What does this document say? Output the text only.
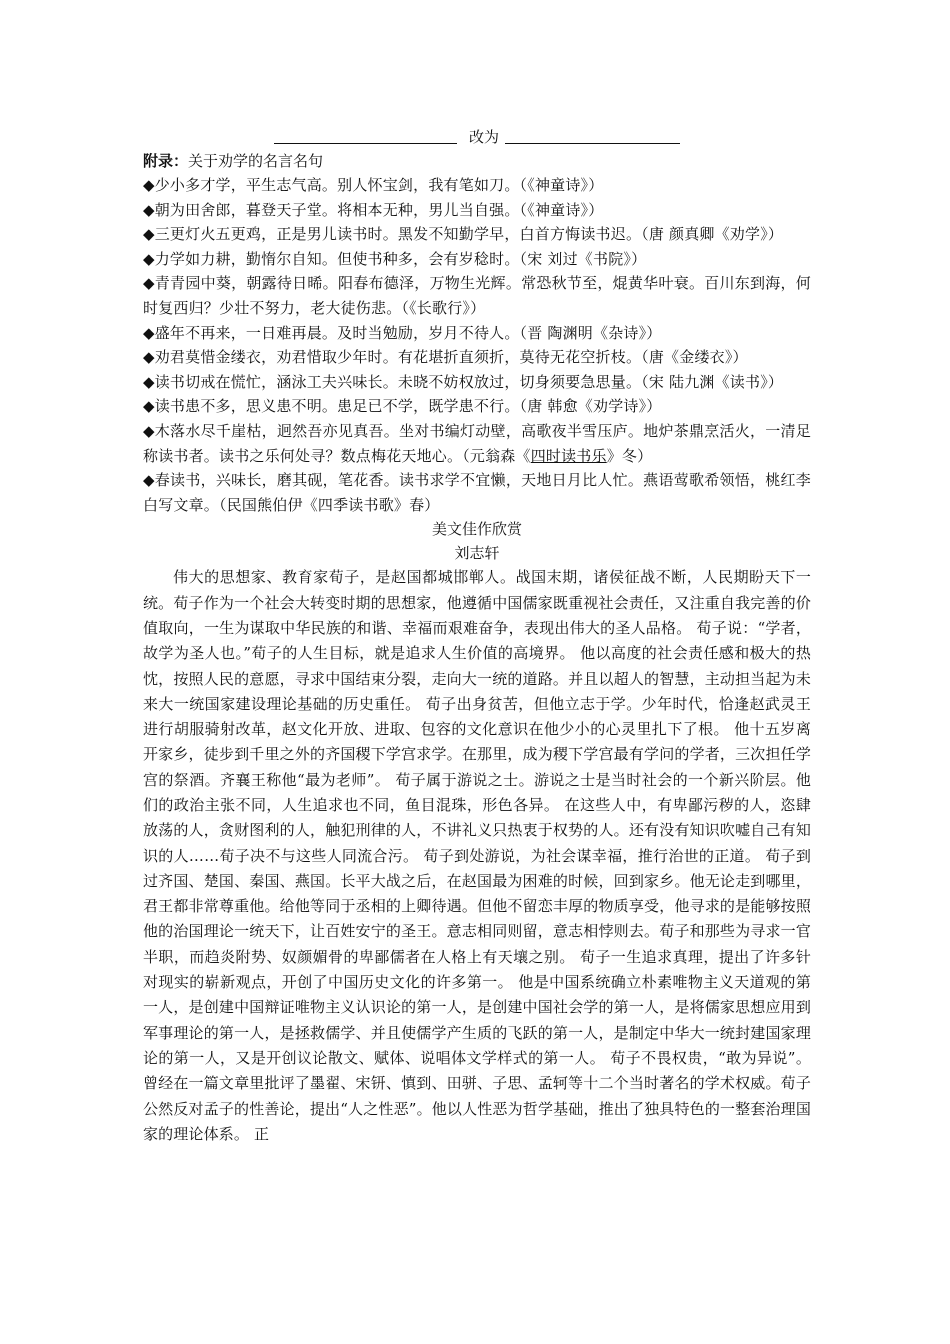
改为
附录：关于劝学的名言名句
◆少小多才学，平生志气高。别人怀宝剑，我有笔如刀。（《神童诗》）
◆朝为田舍郎，暮登天子堂。将相本无种，男儿当自强。（《神童诗》）
◆三更灯火五更鸡，正是男儿读书时。黑发不知勤学早，白首方悔读书迟。（唐 颜真卿《劝学》）
◆力学如力耕，勤惰尔自知。但使书种多，会有岁稔时。（宋 刘过《书院》）
◆青青园中葵，朝露待日晞。阳春布德泽，万物生光辉。常恐秋节至，焜黄华叶衰。百川东到海，何时复西归？少壮不努力，老大徒伤悲。（《长歌行》）
◆盛年不再来，一日难再晨。及时当勉励，岁月不待人。（晋 陶渊明《杂诗》）
◆劝君莫惜金缕衣，劝君惜取少年时。有花堪折直须折，莫待无花空折枝。（唐《金缕衣》）
◆读书切戒在慌忙，涵泳工夫兴味长。未晓不妨权放过，切身须要急思量。（宋 陆九渊《读书》）
◆读书患不多，思义患不明。患足已不学，既学患不行。（唐 韩愈《劝学诗》）
◆木落水尽千崖枯，迥然吾亦见真吾。坐对书编灯动壁，高歌夜半雪压庐。地炉茶鼎烹活火，一清足称读书者。读书之乐何处寻？数点梅花天地心。（元翁森《四时读书乐》冬）
◆春读书，兴味长，磨其砚，笔花香。读书求学不宜懒，天地日月比人忙。燕语莺歌希领悟，桃红李白写文章。（民国熊伯伊《四季读书歌》春）
美文佳作欣赏
刘志轩

伟大的思想家、教育家荀子，是赵国都城邯郸人。战国末期，诸侯征战不断，人民期盼天下一统。荀子作为一个社会大转变时期的思想家，他遵循中国儒家既重视社会责任，又注重自我完善的价值取向，一生为谋取中华民族的和谐、幸福而艰难奋争，表现出伟大的圣人品格。 荀子说：“学者，故学为圣人也。”荀子的人生目标，就是追求人生价值的高境界。 他以高度的社会责任感和极大的热忱，按照人民的意愿，寻求中国结束分裂，走向大一统的道路。并且以超人的智慧，主动担当起为未来大一统国家建设理论基础的历史重任。 荀子出身贫苦，但他立志于学。少年时代，恰逢赵武灵王进行胡服骑射改革，赵文化开放、进取、包容的文化意识在他少小的心灵里扎下了根。 他十五岁离开家乡，徒步到千里之外的齐国稷下学宫求学。在那里，成为稷下学宫最有学问的学者，三次担任学宫的祭酒。齐襄王称他“最为老师”。 荀子属于游说之士。游说之士是当时社会的一个新兴阶层。他们的政治主张不同，人生追求也不同，鱼目混珠，形色各异。 在这些人中，有卑鄙污秽的人，恣肆放荡的人，贪财图利的人，触犯刑律的人，不讲礼义只热衷于权势的人。还有没有知识吹嘘自己有知识的人……荀子决不与这些人同流合污。 荀子到处游说，为社会谋幸福，推行治世的正道。 荀子到过齐国、楚国、秦国、燕国。长平大战之后，在赵国最为困难的时候，回到家乡。他无论走到哪里，君王都非常尊重他。给他等同于丞相的上卿待遇。但他不留恋丰厚的物质享受，他寻求的是能够按照他的治国理论一统天下，让百姓安宁的圣王。意志相同则留，意志相悖则去。荀子和那些为寻求一官半职，而趋炎附势、奴颜媚骨的卑鄙儒者在人格上有天壤之别。 荀子一生追求真理，提出了许多针对现实的崭新观点，开创了中国历史文化的许多第一。 他是中国系统确立朴素唯物主义天道观的第一人，是创建中国辩证唯物主义认识论的第一人，是创建中国社会学的第一人，是将儒家思想应用到军事理论的第一人，是拯救儒学、并且使儒学产生质的飞跃的第一人，是制定中华大一统封建国家理论的第一人，又是开创议论散文、赋体、说唱体文学样式的第一人。 荀子不畏权贵，“敢为异说”。曾经在一篇文章里批评了墨翟、宋钘、慎到、田骈、子思、孟轲等十二个当时著名的学术权威。荀子公然反对孟子的性善论，提出“人之性恶”。他以人性恶为哲学基础，推出了独具特色的一整套治理国家的理论体系。 正
